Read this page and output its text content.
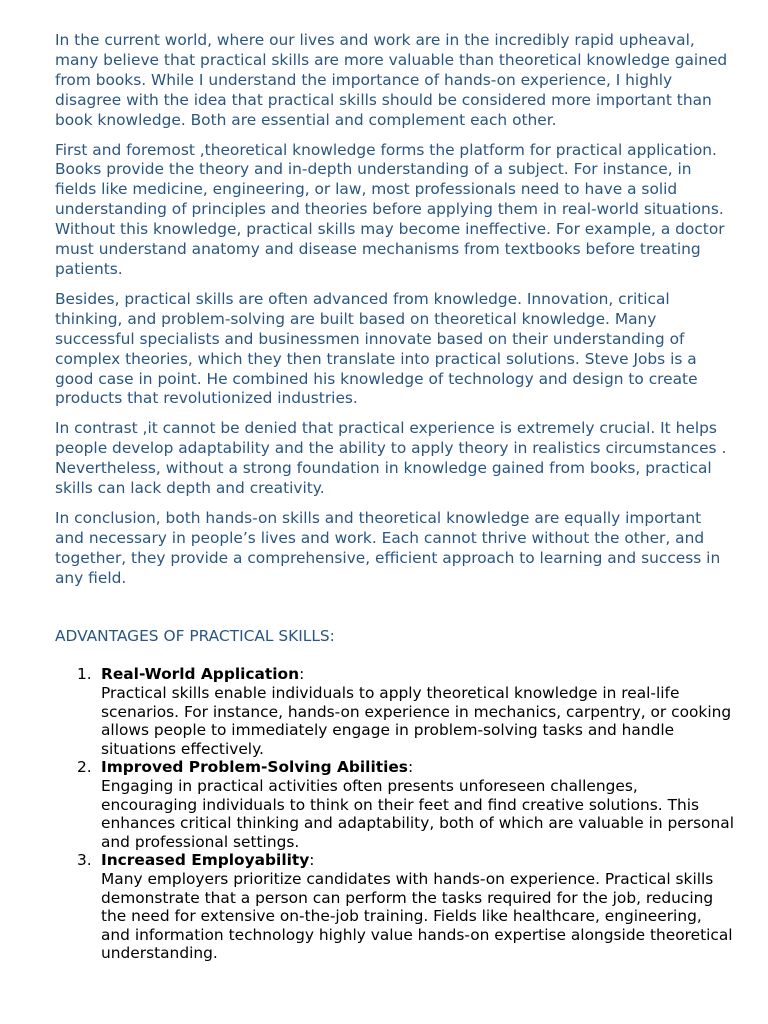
In the current world, where our lives and work are in the incredibly rapid upheaval, many believe that practical skills are more valuable than theoretical knowledge gained from books. While I understand the importance of hands-on experience, I highly disagree with the idea that practical skills should be considered more important than book knowledge. Both are essential and complement each other.

First and foremost ,theoretical knowledge forms the platform for practical application. Books provide the theory and in-depth understanding of a subject. For instance, in fields like medicine, engineering, or law, most professionals need to have a solid understanding of principles and theories before applying them in real-world situations. Without this knowledge, practical skills may become ineffective. For example, a doctor must understand anatomy and disease mechanisms from textbooks before treating patients.

Besides, practical skills are often advanced from knowledge. Innovation, critical thinking, and problem-solving are built based on theoretical knowledge. Many successful specialists and businessmen innovate based on their understanding of complex theories, which they then translate into practical solutions. Steve Jobs is a good case in point. He combined his knowledge of technology and design to create products that revolutionized industries.

In contrast ,it cannot be denied that practical experience is extremely crucial. It helps people develop adaptability and the ability to apply theory in realistics circumstances . Nevertheless, without a strong foundation in knowledge gained from books, practical skills can lack depth and creativity.

In conclusion, both hands-on skills and theoretical knowledge are equally important and necessary in people’s lives and work. Each cannot thrive without the other, and together, they provide a comprehensive, efficient approach to learning and success in any field.

ADVANTAGES OF PRACTICAL SKILLS:
1. Real-World Application:
Practical skills enable individuals to apply theoretical knowledge in real-life scenarios. For instance, hands-on experience in mechanics, carpentry, or cooking allows people to immediately engage in problem-solving tasks and handle situations effectively.
2. Improved Problem-Solving Abilities:
Engaging in practical activities often presents unforeseen challenges, encouraging individuals to think on their feet and find creative solutions. This enhances critical thinking and adaptability, both of which are valuable in personal and professional settings.
3. Increased Employability:
Many employers prioritize candidates with hands-on experience. Practical skills demonstrate that a person can perform the tasks required for the job, reducing the need for extensive on-the-job training. Fields like healthcare, engineering, and information technology highly value hands-on expertise alongside theoretical understanding.
